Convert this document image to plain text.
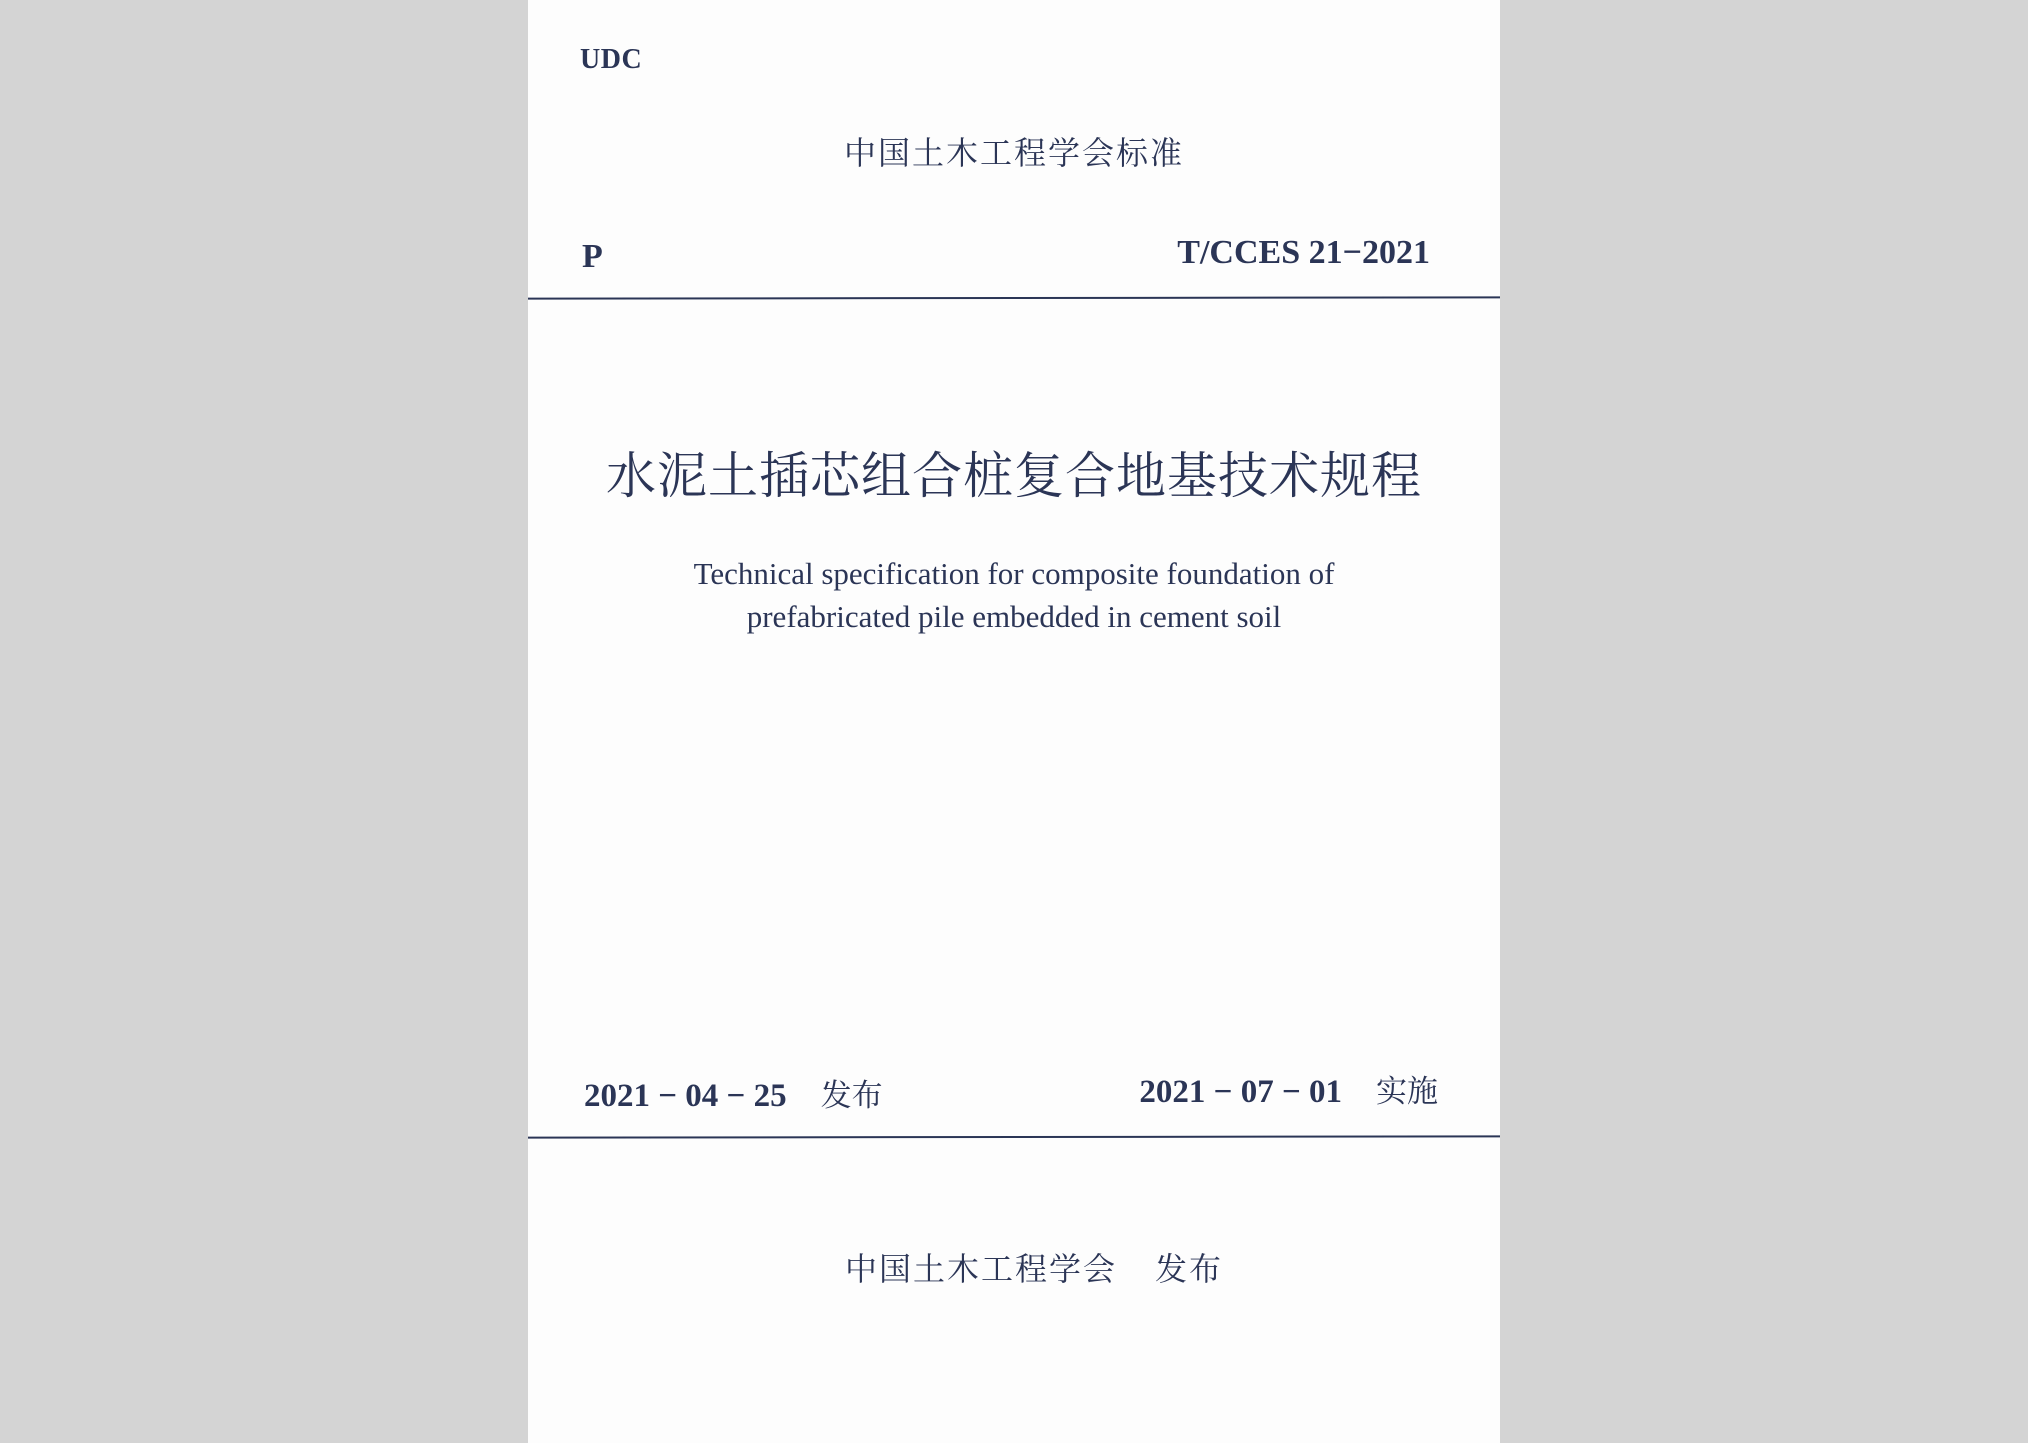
UDC
中国土木工程学会标准
P	T/CCES 21−2021
水泥土插芯组合桩复合地基技术规程
Technical specification for composite foundation of
prefabricated pile embedded in cement soil
2021 − 04 − 25 发布	2021 − 07 − 01 实施
中国土木工程学会 发布
